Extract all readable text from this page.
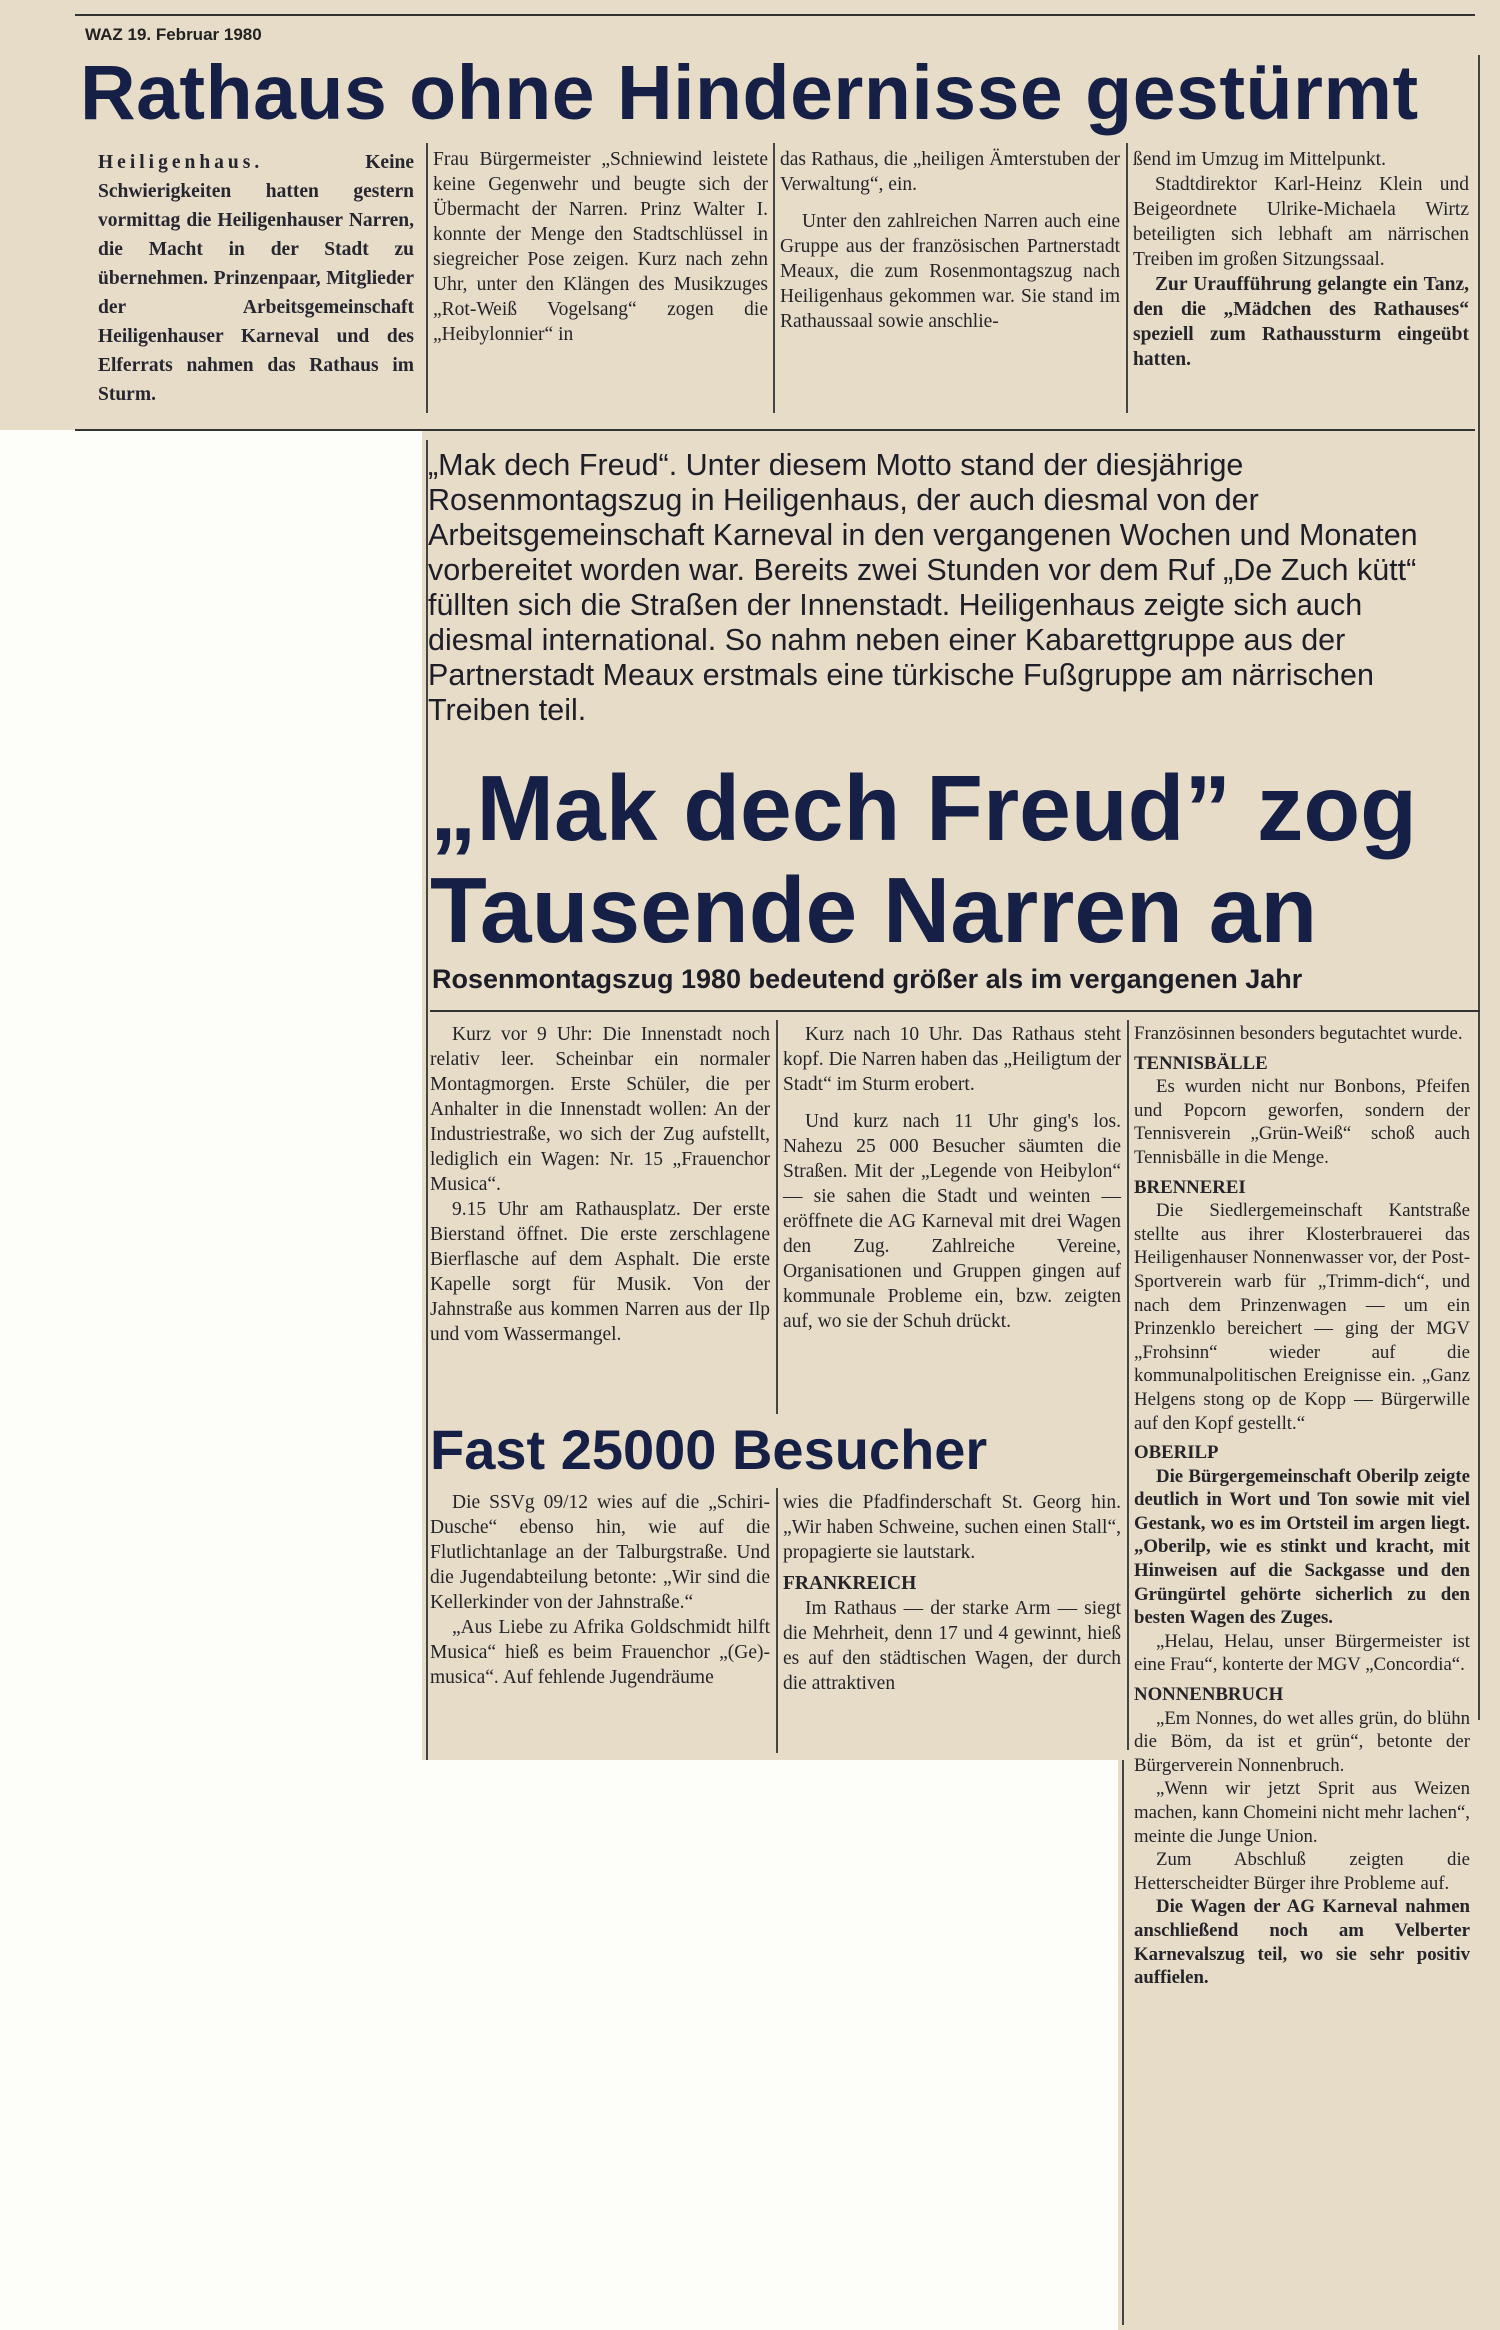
WAZ 19. Februar 1980
Rathaus ohne Hindernisse gestürmt
Heiligenhaus.	Keine Schwierigkeiten hatten gestern vormittag die Heiligenhauser Narren, die Macht in der Stadt zu übernehmen. Prinzenpaar, Mitglieder der Arbeitsgemeinschaft Heiligenhauser Karneval und des Elferrats nahmen das Rathaus im Sturm.

Frau Bürgermeister „Schniewind leistete keine Gegenwehr und beugte sich der Übermacht der Narren. Prinz Walter I. konnte der Menge den Stadtschlüssel in siegreicher Pose zeigen. Kurz nach zehn Uhr, unter den Klängen des Musikzuges „Rot-Weiß Vogelsang“ zogen die „Heibylonnier“ in

das Rathaus, die „heiligen Ämterstuben der Verwaltung“, ein.

Unter den zahlreichen Narren auch eine Gruppe aus der französischen Partnerstadt Meaux, die zum Rosenmontagszug nach Heiligenhaus gekommen war. Sie stand im Rathaussaal sowie anschlie-

ßend im Umzug im Mittelpunkt.

Stadtdirektor Karl-Heinz Klein und Beigeordnete Ulrike-Michaela Wirtz beteiligten sich lebhaft am närrischen Treiben im großen Sitzungssaal.

Zur Uraufführung gelangte ein Tanz, den die „Mädchen des Rathauses“ speziell zum Rathaussturm eingeübt hatten.

„Mak dech Freud“. Unter diesem Motto stand der diesjährige Rosenmontagszug in Heiligenhaus, der auch diesmal von der Arbeitsgemeinschaft Karneval in den vergangenen Wochen und Monaten vorbereitet worden war. Bereits zwei Stunden vor dem Ruf „De Zuch kütt“ füllten sich die Straßen der Innenstadt. Heiligenhaus zeigte sich auch diesmal international. So nahm neben einer Kabarettgruppe aus der Partnerstadt Meaux erstmals eine türkische Fußgruppe am närrischen Treiben teil.
„Mak dech Freud” zog
Tausende Narren an
Rosenmontagszug 1980 bedeutend größer als im vergangenen Jahr

Kurz vor 9 Uhr: Die Innenstadt noch relativ leer. Scheinbar ein normaler Montagmorgen. Erste Schüler, die per Anhalter in die Innenstadt wollen: An der Industriestraße, wo sich der Zug aufstellt, lediglich ein Wagen: Nr. 15 „Frauenchor Musica“.

9.15 Uhr am Rathausplatz. Der erste Bierstand öffnet. Die erste zerschlagene Bierflasche auf dem Asphalt. Die erste Kapelle sorgt für Musik. Von der Jahnstraße aus kommen Narren aus der Ilp und vom Wassermangel.

Kurz nach 10 Uhr. Das Rathaus steht kopf. Die Narren haben das „Heiligtum der Stadt“ im Sturm erobert.

Und kurz nach 11 Uhr ging's los. Nahezu 25 000 Besucher säumten die Straßen. Mit der „Legende von Heibylon“ — sie sahen die Stadt und weinten — eröffnete die AG Karneval mit drei Wagen den Zug. Zahlreiche Vereine, Organisationen und Gruppen gingen auf kommunale Probleme ein, bzw. zeigten auf, wo sie der Schuh drückt.

Fast 25000 Besucher

Die SSVg 09/12 wies auf die „Schiri-Dusche“ ebenso hin, wie auf die Flutlichtanlage an der Talburgstraße. Und die Jugendabteilung betonte: „Wir sind die Kellerkinder von der Jahnstraße.“

„Aus Liebe zu Afrika Goldschmidt hilft Musica“ hieß es beim Frauenchor „(Ge)-musica“. Auf fehlende Jugendräume

wies die Pfadfinderschaft St. Georg hin. „Wir haben Schweine, suchen einen Stall“, propagierte sie lautstark.

FRANKREICH

Im Rathaus — der starke Arm — siegt die Mehrheit, denn 17 und 4 gewinnt, hieß es auf den städtischen Wagen, der durch die attraktiven

Französinnen besonders begutachtet wurde.

TENNISBÄLLE

Es wurden nicht nur Bonbons, Pfeifen und Popcorn geworfen, sondern der Tennisverein „Grün-Weiß“ schoß auch Tennisbälle in die Menge.

BRENNEREI

Die Siedlergemeinschaft Kantstraße stellte aus ihrer Klosterbrauerei das Heiligenhauser Nonnenwasser vor, der Post-Sportverein warb für „Trimm-dich“, und nach dem Prinzenwagen — um ein Prinzenklo bereichert — ging der MGV „Frohsinn“ wieder auf die kommunalpolitischen Ereignisse ein. „Ganz Helgens stong op de Kopp — Bürgerwille auf den Kopf gestellt.“

OBERILP

Die Bürgergemeinschaft Oberilp zeigte deutlich in Wort und Ton sowie mit viel Gestank, wo es im Ortsteil im argen liegt. „Oberilp, wie es stinkt und kracht, mit Hinweisen auf die Sackgasse und den Grüngürtel gehörte sicherlich zu den besten Wagen des Zuges.

„Helau, Helau, unser Bürgermeister ist eine Frau“, konterte der MGV „Concordia“.

NONNENBRUCH

„Em Nonnes, do wet alles grün, do blühn die Böm, da ist et grün“, betonte der Bürgerverein Nonnenbruch.

„Wenn wir jetzt Sprit aus Weizen machen, kann Chomeini nicht mehr lachen“, meinte die Junge Union.

Zum Abschluß zeigten die Hetterscheidter Bürger ihre Probleme auf.

Die Wagen der AG Karneval nahmen anschließend noch am Velberter Karnevalszug teil, wo sie sehr positiv auffielen.
